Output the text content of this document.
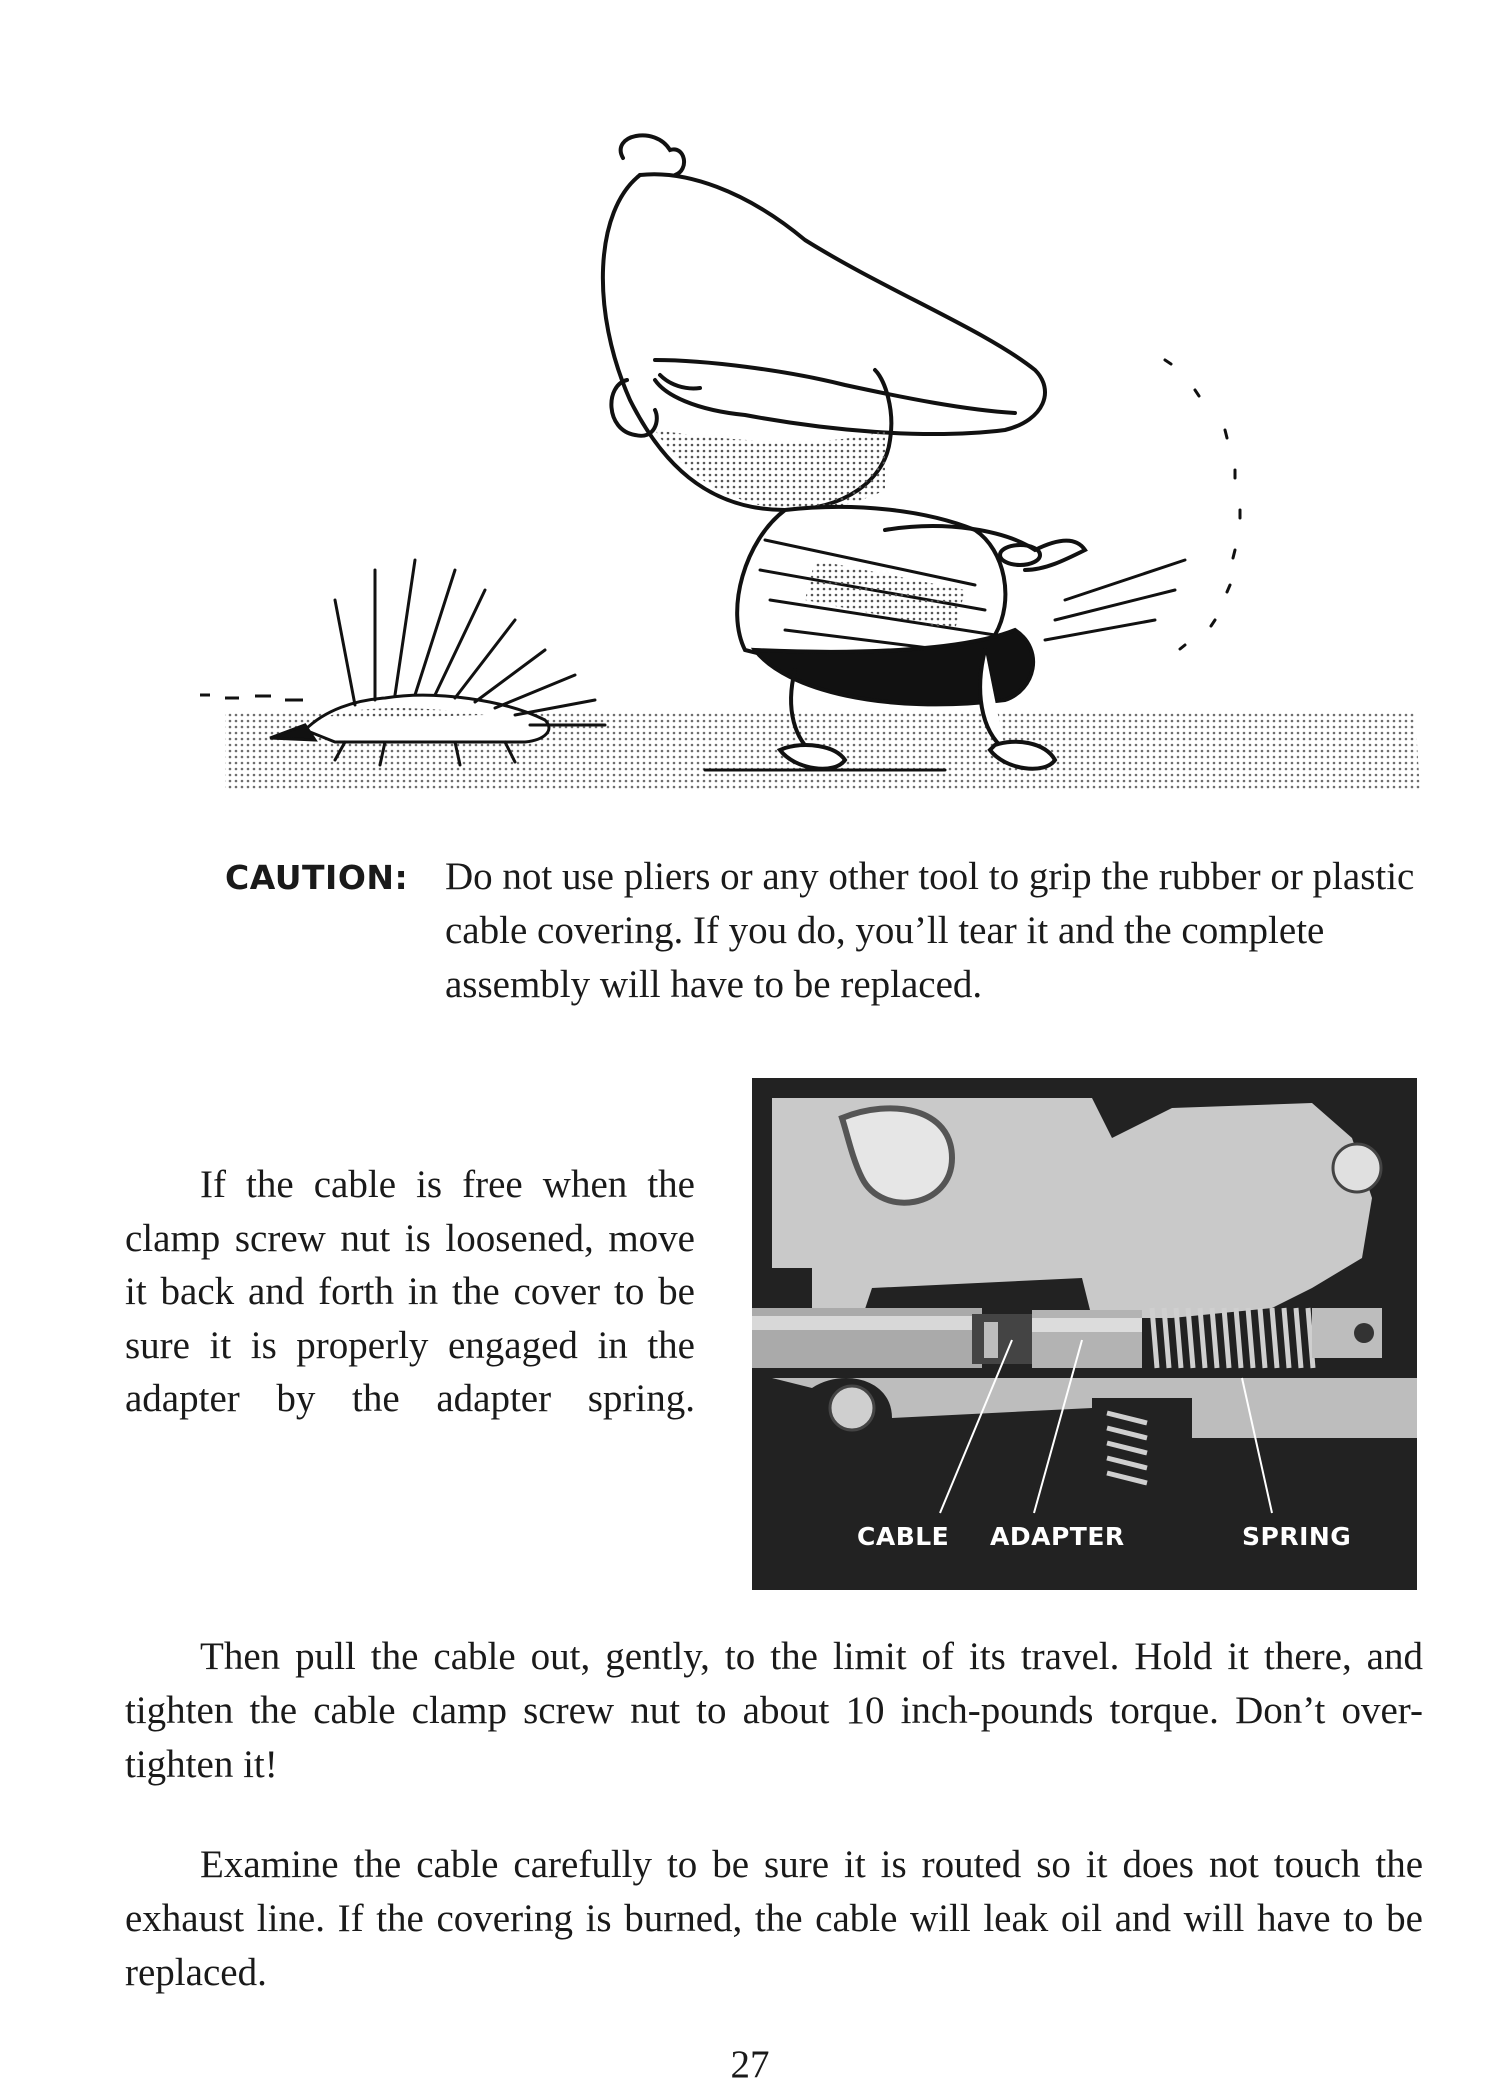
CAUTION: Do not use pliers or any other tool to grip the rubber or plastic cable covering. If you do, you’ll tear it and the complete assembly will have to be replaced.
If the cable is free when the clamp screw nut is loosened, move it back and forth in the cover to be sure it is properly engaged in the adapter by the adapter spring.
CABLE ADAPTER	SPRING
Then pull the cable out, gently, to the limit of its travel. Hold it there, and tighten the cable clamp screw nut to about 10 inch-pounds torque. Don’t over-tighten it!
Examine the cable carefully to be sure it is routed so it does not touch the exhaust line. If the covering is burned, the cable will leak oil and will have to be replaced.
27
